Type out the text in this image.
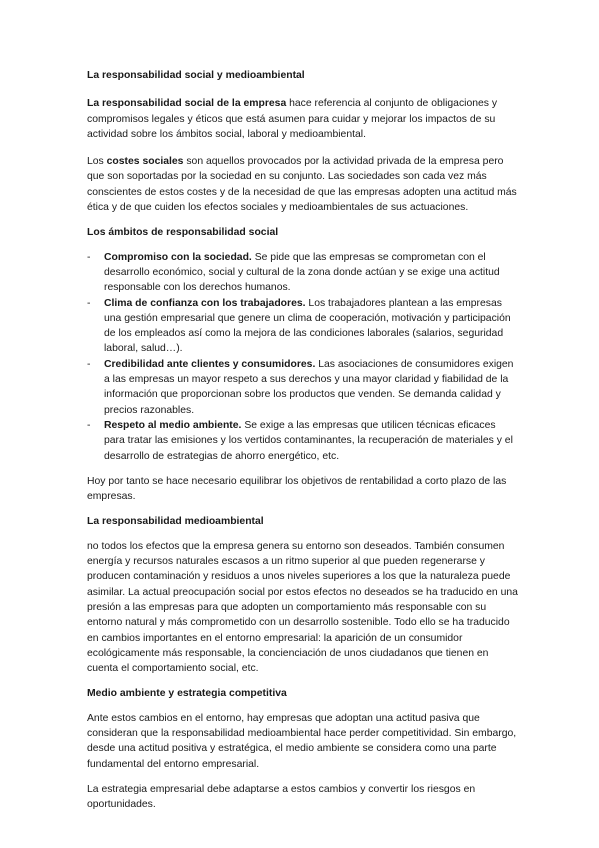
La responsabilidad social y medioambiental

La responsabilidad social de la empresa hace referencia al conjunto de obligaciones y compromisos legales y éticos que está asumen para cuidar y mejorar los impactos de su actividad sobre los ámbitos social, laboral y medioambiental.

Los costes sociales son aquellos provocados por la actividad privada de la empresa pero que son soportadas por la sociedad en su conjunto. Las sociedades son cada vez más conscientes de estos costes y de la necesidad de que las empresas adopten una actitud más ética y de que cuiden los efectos sociales y medioambientales de sus actuaciones.

Los ámbitos de responsabilidad social
- Compromiso con la sociedad. Se pide que las empresas se comprometan con el desarrollo económico, social y cultural de la zona donde actúan y se exige una actitud responsable con los derechos humanos.
- Clima de confianza con los trabajadores. Los trabajadores plantean a las empresas una gestión empresarial que genere un clima de cooperación, motivación y participación de los empleados así como la mejora de las condiciones laborales (salarios, seguridad laboral, salud…).
- Credibilidad ante clientes y consumidores. Las asociaciones de consumidores exigen a las empresas un mayor respeto a sus derechos y una mayor claridad y fiabilidad de la información que proporcionan sobre los productos que venden. Se demanda calidad y precios razonables.
- Respeto al medio ambiente. Se exige a las empresas que utilicen técnicas eficaces para tratar las emisiones y los vertidos contaminantes, la recuperación de materiales y el desarrollo de estrategias de ahorro energético, etc.

Hoy por tanto se hace necesario equilibrar los objetivos de rentabilidad a corto plazo de las empresas.

La responsabilidad medioambiental

no todos los efectos que la empresa genera su entorno son deseados. También consumen energía y recursos naturales escasos a un ritmo superior al que pueden regenerarse y producen contaminación y residuos a unos niveles superiores a los que la naturaleza puede asimilar. La actual preocupación social por estos efectos no deseados se ha traducido en una presión a las empresas para que adopten un comportamiento más responsable con su entorno natural y más comprometido con un desarrollo sostenible. Todo ello se ha traducido en cambios importantes en el entorno empresarial: la aparición de un consumidor ecológicamente más responsable, la concienciación de unos ciudadanos que tienen en cuenta el comportamiento social, etc.

Medio ambiente y estrategia competitiva

Ante estos cambios en el entorno, hay empresas que adoptan una actitud pasiva que consideran que la responsabilidad medioambiental hace perder competitividad. Sin embargo, desde una actitud positiva y estratégica, el medio ambiente se considera como una parte fundamental del entorno empresarial.

La estrategia empresarial debe adaptarse a estos cambios y convertir los riesgos en oportunidades.
